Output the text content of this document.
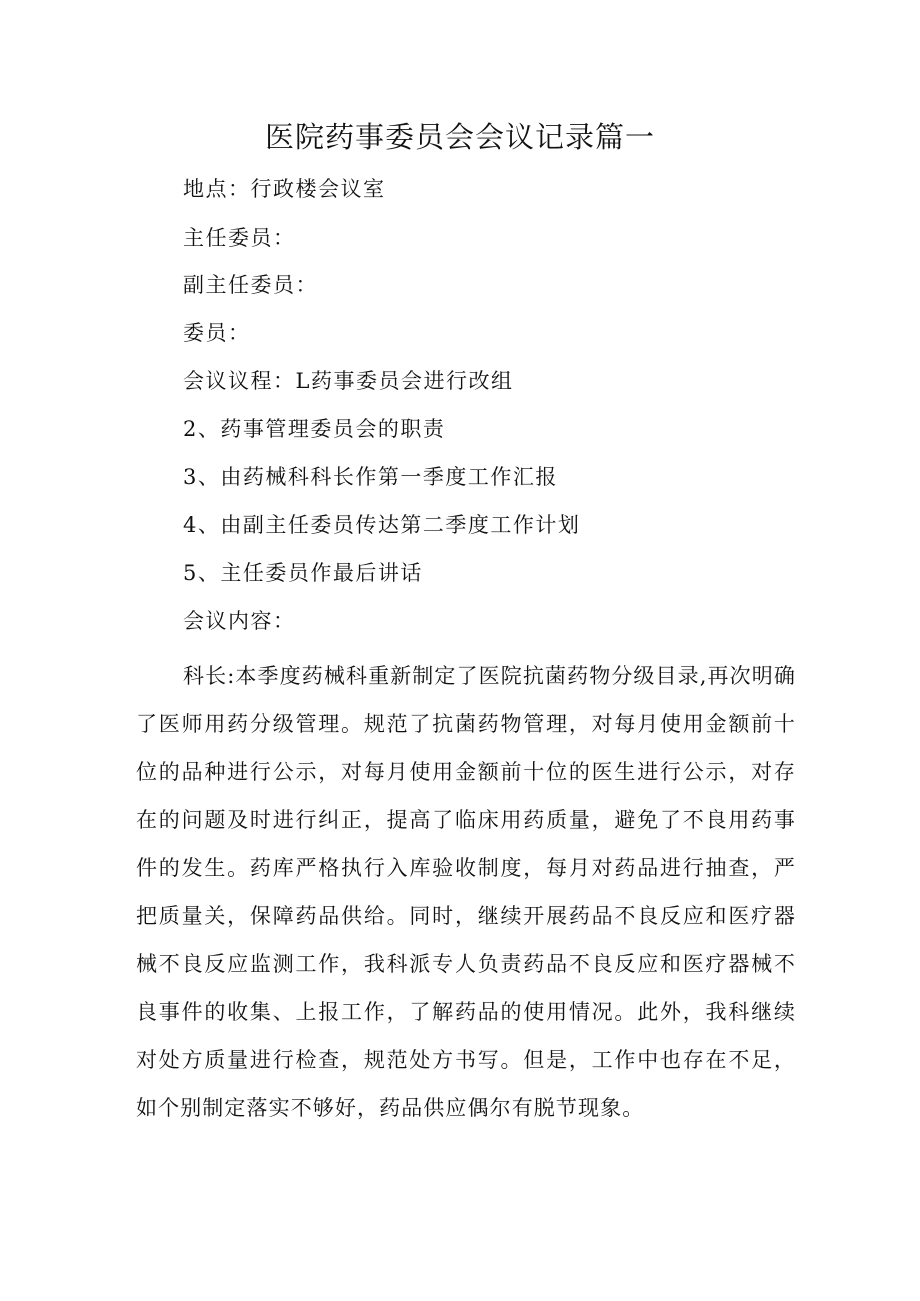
医院药事委员会会议记录篇一
地点：行政楼会议室
主任委员：
副主任委员：
委员：
会议议程：L药事委员会进行改组
2、药事管理委员会的职责
3、由药械科科长作第一季度工作汇报
4、由副主任委员传达第二季度工作计划
5、主任委员作最后讲话
会议内容：

科长:本季度药械科重新制定了医院抗菌药物分级目录,再次明确了医师用药分级管理。规范了抗菌药物管理，对每月使用金额前十位的品种进行公示，对每月使用金额前十位的医生进行公示，对存在的问题及时进行纠正，提高了临床用药质量，避免了不良用药事件的发生。药库严格执行入库验收制度，每月对药品进行抽查，严把质量关，保障药品供给。同时，继续开展药品不良反应和医疗器械不良反应监测工作，我科派专人负责药品不良反应和医疗器械不良事件的收集、上报工作，了解药品的使用情况。此外，我科继续对处方质量进行检查，规范处方书写。但是，工作中也存在不足，如个别制定落实不够好，药品供应偶尔有脱节现象。
